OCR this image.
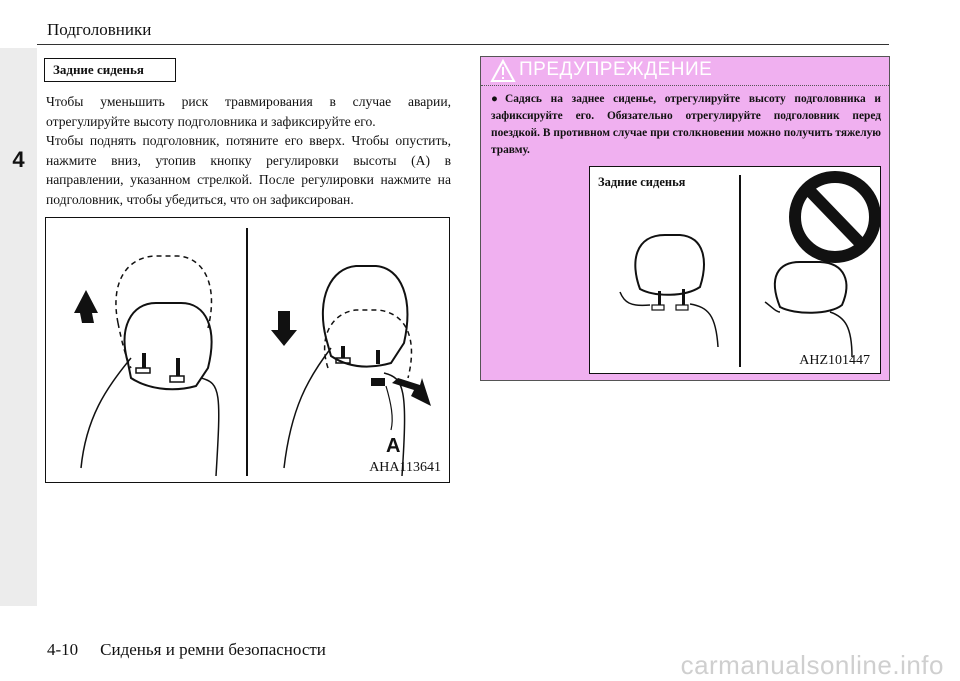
4
Подголовники
Задние сиденья

Чтобы уменьшить риск травмирования в случае аварии, отрегулируйте высоту подголовника и зафиксируйте его.

Чтобы поднять подголовник, потяните его вверх. Чтобы опустить, нажмите вниз, утопив кнопку регулировки высоты (A) в направлении, указанном стрелкой. После регулировки нажмите на подголовник, чтобы убедиться, что он зафиксирован.

A
AHA113641
ПРЕДУПРЕЖДЕНИЕ
● Садясь на заднее сиденье, отрегулируйте высоту подголовника и зафиксируйте его. Обязательно отрегулируйте подголовник перед поездкой. В противном случае при столкновении можно получить тяжелую травму.
Задние сиденья
AHZ101447
4-10 Сиденья и ремни безопасности
carmanualsonline.info
